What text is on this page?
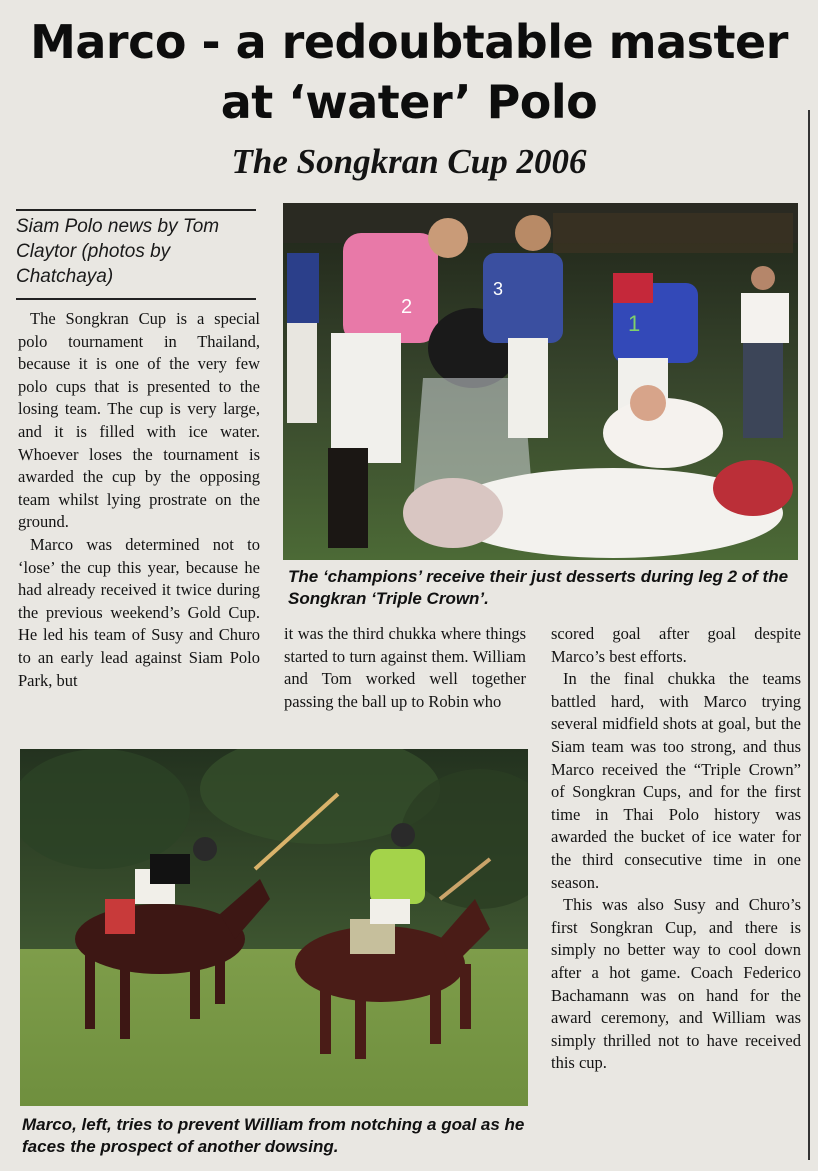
Marco - a redoubtable master
at ‘water’ Polo
The Songkran Cup 2006
Siam Polo news by Tom Claytor (photos by Chatchaya)

The Songkran Cup is a special polo tournament in Thailand, because it is one of the very few polo cups that is presented to the losing team. The cup is very large, and it is filled with ice water. Whoever loses the tournament is awarded the cup by the opposing team whilst lying prostrate on the ground.

Marco was determined not to ‘lose’ the cup this year, because he had already received it twice during the previous weekend’s Gold Cup. He led his team of Susy and Churo to an early lead against Siam Polo Park, but

2
3
1
The ‘champions’ receive their just desserts during leg 2 of the Songkran ‘Triple Crown’.

it was the third chukka where things started to turn against them. William and Tom worked well together passing the ball up to Robin who

scored goal after goal despite Marco’s best efforts.

In the final chukka the teams battled hard, with Marco trying several midfield shots at goal, but the Siam team was too strong, and thus Marco received the “Triple Crown” of Songkran Cups, and for the first time in Thai Polo history was awarded the bucket of ice water for the third consecutive time in one season.

This was also Susy and Churo’s first Songkran Cup, and there is simply no better way to cool down after a hot game. Coach Federico Bachamann was on hand for the award ceremony, and William was simply thrilled not to have received this cup.

Marco, left, tries to prevent William from notching a goal as he faces the prospect of another dowsing.
